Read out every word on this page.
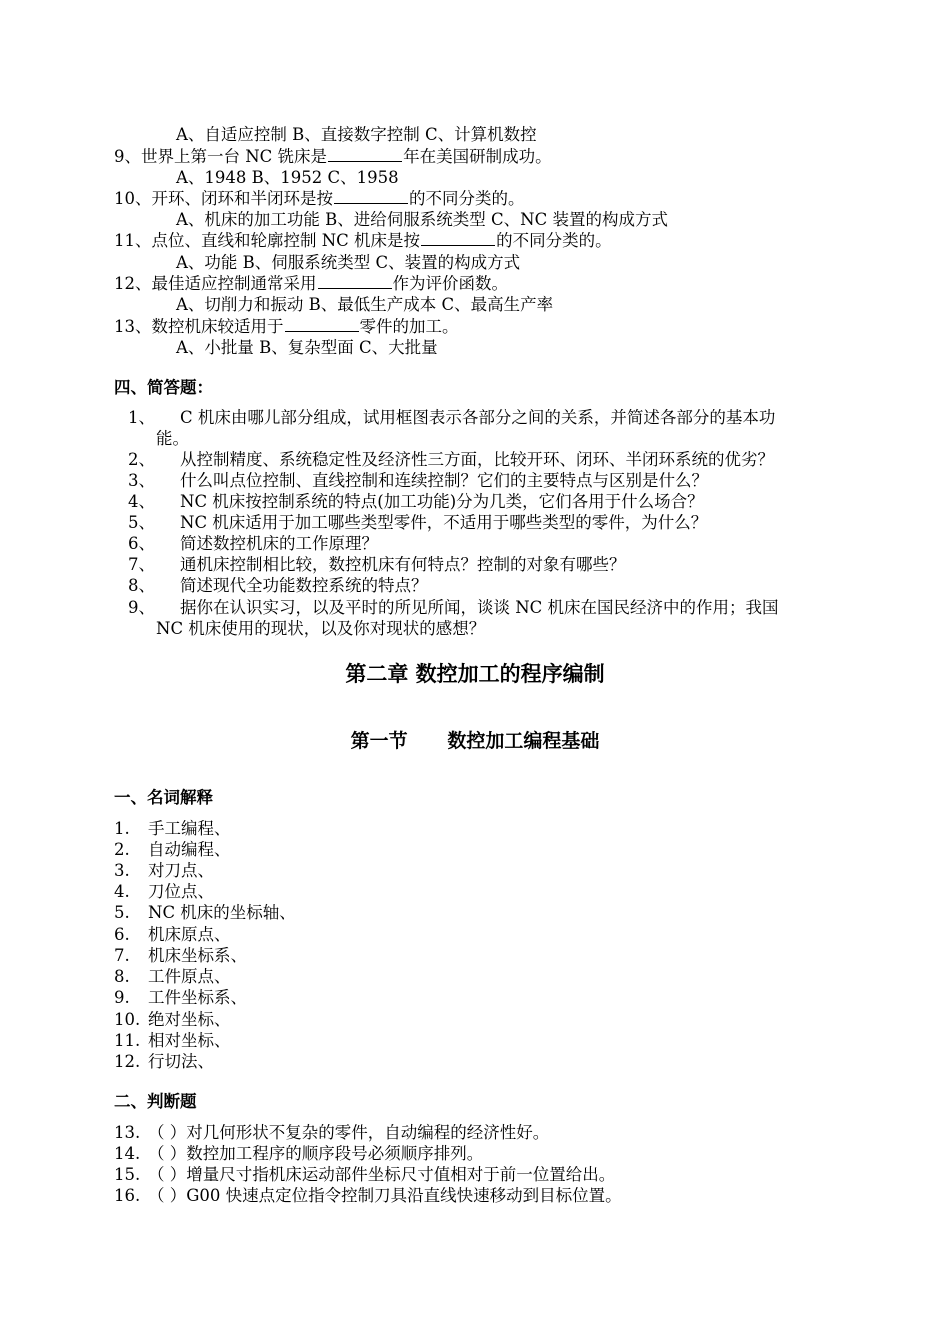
A、自适应控制 B、直接数字控制 C、计算机数控
9、世界上第一台 NC 铣床是	年在美国研制成功。
A、1948 B、1952 C、1958
10、开环、闭环和半闭环是按	的不同分类的。
A、机床的加工功能 B、进给伺服系统类型 C、NC 装置的构成方式
11、点位、直线和轮廓控制 NC 机床是按	的不同分类的。
A、功能 B、伺服系统类型 C、装置的构成方式
12、最佳适应控制通常采用	作为评价函数。
A、切削力和振动 B、最低生产成本 C、最高生产率
13、数控机床较适用于	零件的加工。
A、小批量 B、复杂型面 C、大批量
四、简答题：
1、 C 机床由哪儿部分组成，试用框图表示各部分之间的关系，并简述各部分的基本功
能。
2、 从控制精度、系统稳定性及经济性三方面，比较开环、闭环、半闭环系统的优劣？
3、 什么叫点位控制、直线控制和连续控制？它们的主要特点与区别是什么？
4、 NC 机床按控制系统的特点(加工功能)分为几类，它们各用于什么场合？
5、 NC 机床适用于加工哪些类型零件，不适用于哪些类型的零件，为什么？
6、 简述数控机床的工作原理？
7、 通机床控制相比较，数控机床有何特点？控制的对象有哪些？
8、 简述现代全功能数控系统的特点？
9、 据你在认识实习，以及平时的所见所闻，谈谈 NC 机床在国民经济中的作用；我国
NC 机床使用的现状，以及你对现状的感想？
第二章 数控加工的程序编制
第一节      数控加工编程基础
一、名词解释
1. 手工编程、
2. 自动编程、
3. 对刀点、
4. 刀位点、
5. NC 机床的坐标轴、
6. 机床原点、
7. 机床坐标系、
8. 工件原点、
9. 工件坐标系、
10. 绝对坐标、
11. 相对坐标、
12. 行切法、
二、判断题
13. （ ）对几何形状不复杂的零件，自动编程的经济性好。
14. （ ）数控加工程序的顺序段号必须顺序排列。
15. （ ）增量尺寸指机床运动部件坐标尺寸值相对于前一位置给出。
16. （ ）G00 快速点定位指令控制刀具沿直线快速移动到目标位置。
